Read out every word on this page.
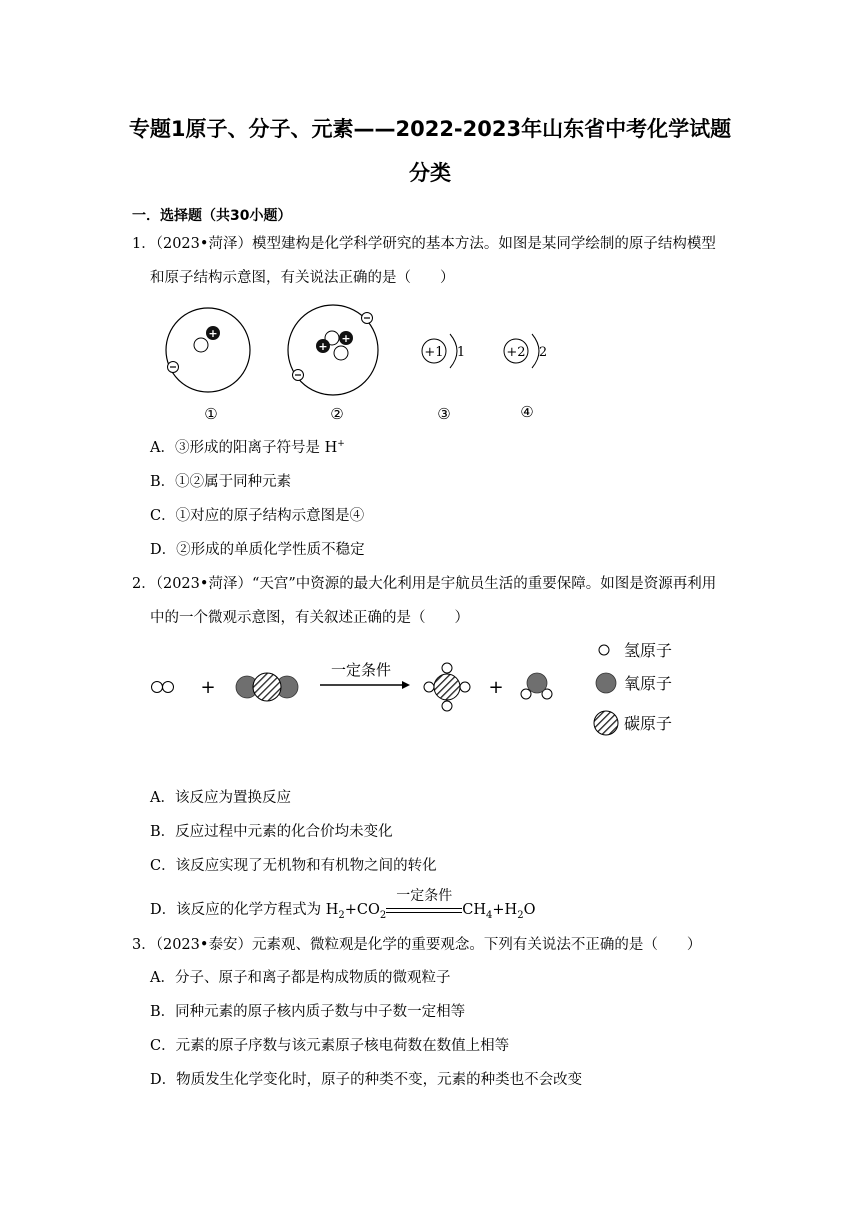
专题1原子、分子、元素——2022-2023年山东省中考化学试题
分类
一．选择题（共30小题）
1．（2023•菏泽）模型建构是化学科学研究的基本方法。如图是某同学绘制的原子结构模型
和原子结构示意图，有关说法正确的是（　　）
+
+
+
+1 1	+2 2
①	②	③	④
A．③形成的阳离子符号是 H+
B．①②属于同种元素
C．①对应的原子结构示意图是④
D．②形成的单质化学性质不稳定
2．（2023•菏泽）“天宫”中资源的最大化利用是宇航员生活的重要保障。如图是资源再利用
中的一个微观示意图，有关叙述正确的是（　　）
+
一定条件
+
氢原子
氧原子
碳原子
A．该反应为置换反应
B．反应过程中元素的化合价均未变化
C．该反应实现了无机物和有机物之间的转化
D．该反应的化学方程式为 $H_2+CO_2$
一定条件
$CH_4+H_2O$
3．（2023•泰安）元素观、微粒观是化学的重要观念。下列有关说法不正确的是（　　）
A．分子、原子和离子都是构成物质的微观粒子
B．同种元素的原子核内质子数与中子数一定相等
C．元素的原子序数与该元素原子核电荷数在数值上相等
D．物质发生化学变化时，原子的种类不变，元素的种类也不会改变
